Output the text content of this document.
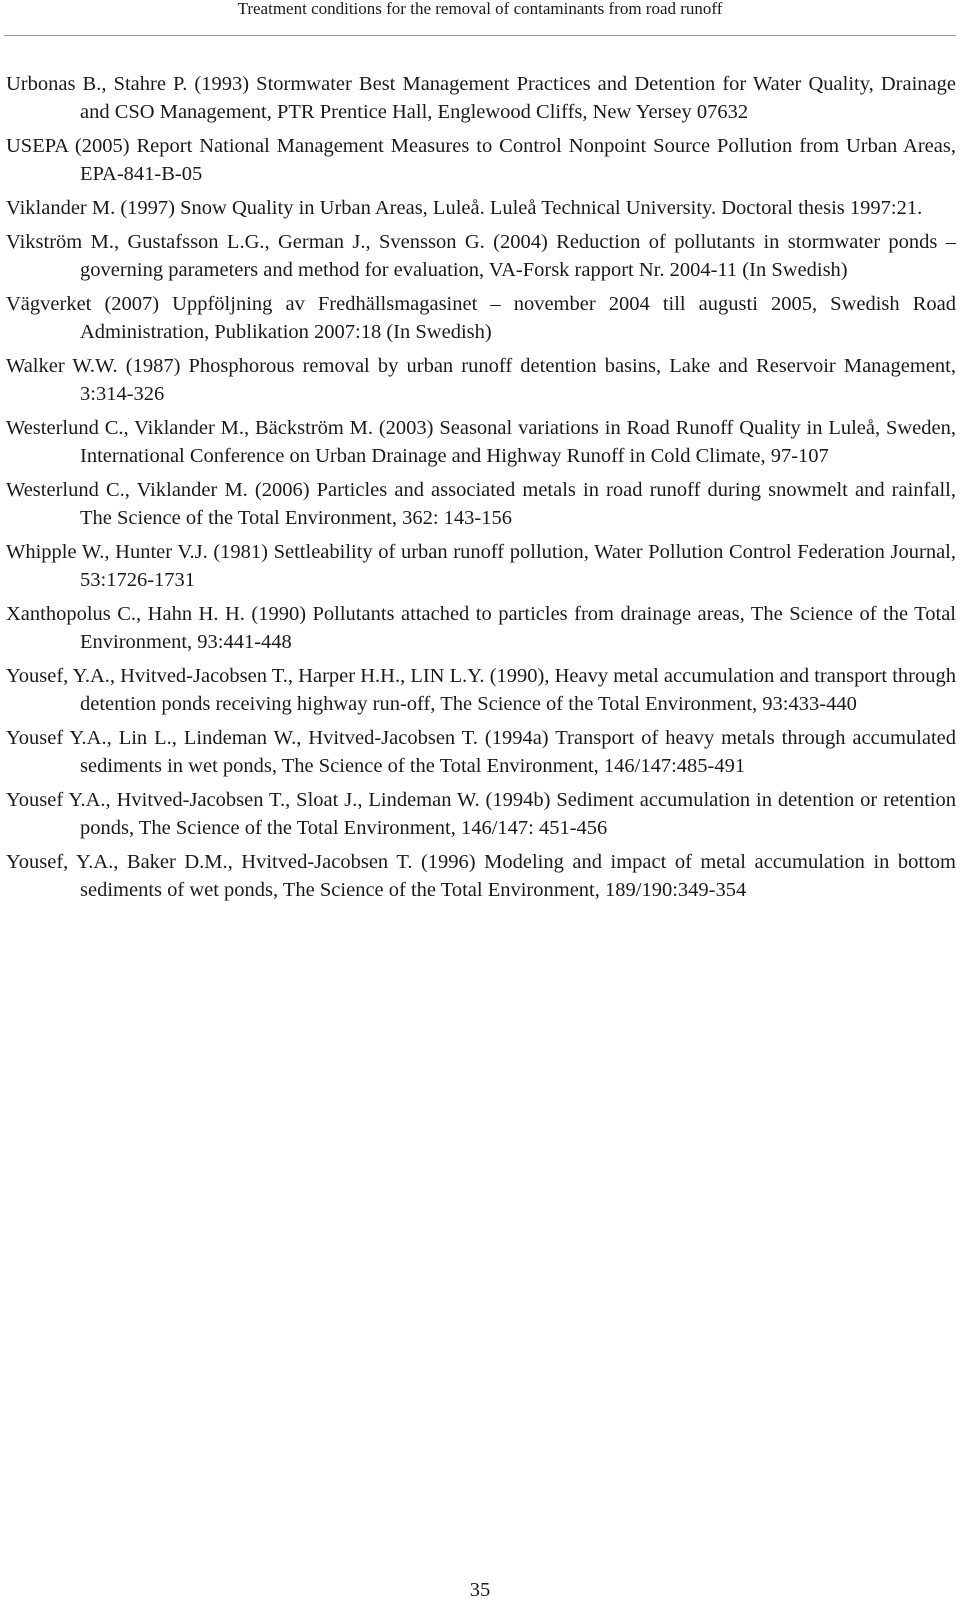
Treatment conditions for the removal of contaminants from road runoff
Urbonas B., Stahre P. (1993) Stormwater Best Management Practices and Detention for Water Quality, Drainage and CSO Management, PTR Prentice Hall, Englewood Cliffs, New Yersey 07632
USEPA (2005) Report National Management Measures to Control Nonpoint Source Pollution from Urban Areas, EPA-841-B-05
Viklander M. (1997) Snow Quality in Urban Areas, Luleå. Luleå Technical University. Doctoral thesis 1997:21.
Vikström M., Gustafsson L.G., German J., Svensson G. (2004) Reduction of pollutants in stormwater ponds – governing parameters and method for evaluation, VA-Forsk rapport Nr. 2004-11 (In Swedish)
Vägverket (2007) Uppföljning av Fredhällsmagasinet – november 2004 till augusti 2005, Swedish Road Administration, Publikation 2007:18 (In Swedish)
Walker W.W. (1987) Phosphorous removal by urban runoff detention basins, Lake and Reservoir Management, 3:314-326
Westerlund C., Viklander M., Bäckström M. (2003) Seasonal variations in Road Runoff Quality in Luleå, Sweden, International Conference on Urban Drainage and Highway Runoff in Cold Climate, 97-107
Westerlund C., Viklander M. (2006) Particles and associated metals in road runoff during snowmelt and rainfall, The Science of the Total Environment, 362: 143-156
Whipple W., Hunter V.J. (1981) Settleability of urban runoff pollution, Water Pollution Control Federation Journal, 53:1726-1731
Xanthopolus C., Hahn H. H. (1990) Pollutants attached to particles from drainage areas, The Science of the Total Environment, 93:441-448
Yousef, Y.A., Hvitved-Jacobsen T., Harper H.H., LIN L.Y. (1990), Heavy metal accumulation and transport through detention ponds receiving highway run-off, The Science of the Total Environment, 93:433-440
Yousef Y.A., Lin L., Lindeman W., Hvitved-Jacobsen T. (1994a) Transport of heavy metals through accumulated sediments in wet ponds, The Science of the Total Environment, 146/147:485-491
Yousef Y.A., Hvitved-Jacobsen T., Sloat J., Lindeman W. (1994b) Sediment accumulation in detention or retention ponds, The Science of the Total Environment, 146/147: 451-456
Yousef, Y.A., Baker D.M., Hvitved-Jacobsen T. (1996) Modeling and impact of metal accumulation in bottom sediments of wet ponds, The Science of the Total Environment, 189/190:349-354
35
